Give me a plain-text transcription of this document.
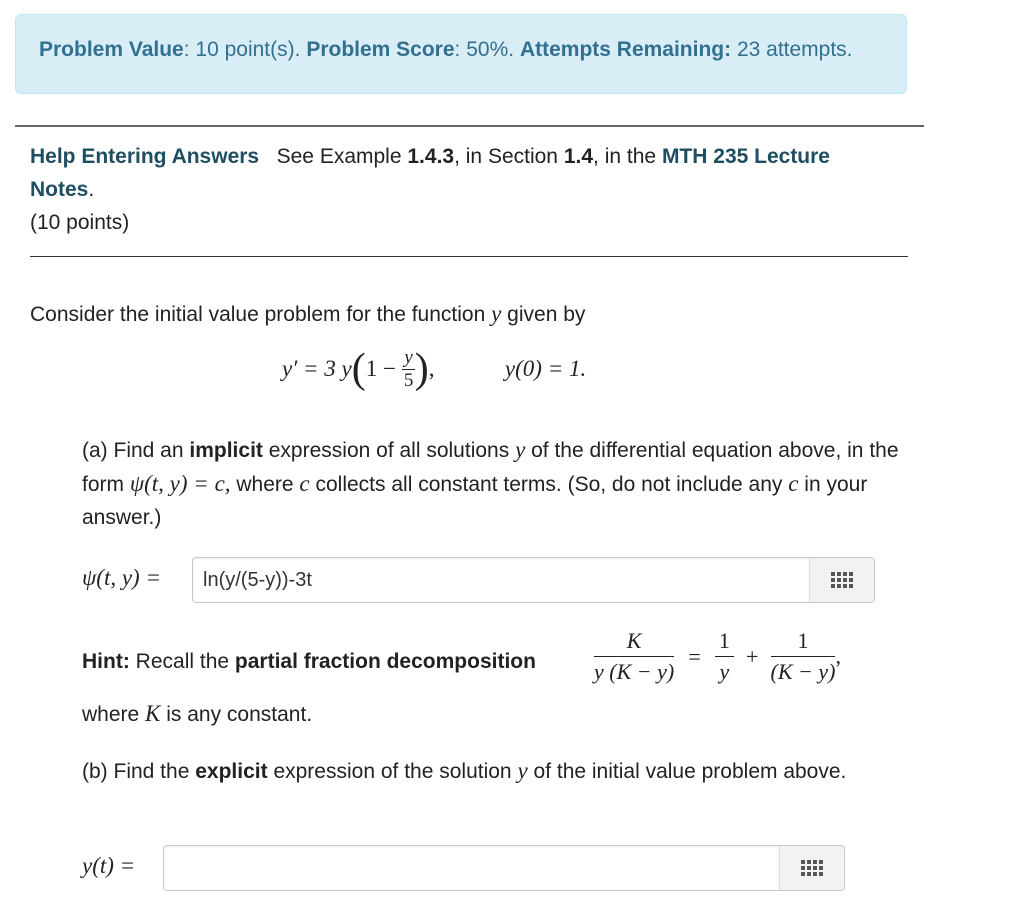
Problem Value: 10 point(s). Problem Score: 50%. Attempts Remaining: 23 attempts.
Help Entering Answers See Example 1.4.3, in Section 1.4, in the MTH 235 Lecture Notes.
(10 points)
Consider the initial value problem for the function y given by
y′ = 3 $y(1 - \frac{y}{5}$ ),	y(0) = 1.
(a) Find an implicit expression of all solutions y of the differential equation above, in the form ψ(t, y) = c, where c collects all constant terms. (So, do not include any c in your answer.)
ψ(t, y) =
ln(y/(5-y))-3t
Hint: Recall the partial fraction decomposition	$\frac{K}{y (K - y)} = \frac{1}{y} + \frac{1}{(K - y)}$ ,
where K is any constant.
(b) Find the explicit expression of the solution y of the initial value problem above.
y(t) =
